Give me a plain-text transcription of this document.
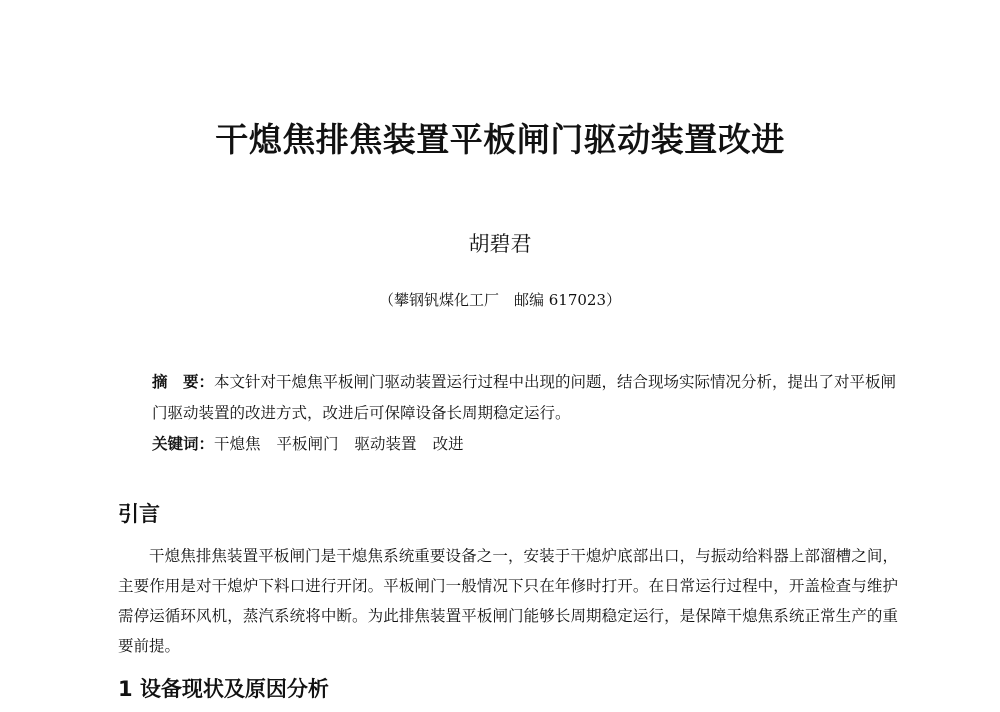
干熄焦排焦装置平板闸门驱动装置改进
胡碧君
（攀钢钒煤化工厂　邮编 617023）

摘　要：本文针对干熄焦平板闸门驱动装置运行过程中出现的问题，结合现场实际情况分析，提出了对平板闸门驱动装置的改进方式，改进后可保障设备长周期稳定运行。

关键词：干熄焦 平板闸门 驱动装置 改进

引言

干熄焦排焦装置平板闸门是干熄焦系统重要设备之一，安装于干熄炉底部出口，与振动给料器上部溜槽之间，主要作用是对干熄炉下料口进行开闭。平板闸门一般情况下只在年修时打开。在日常运行过程中，开盖检查与维护需停运循环风机，蒸汽系统将中断。为此排焦装置平板闸门能够长周期稳定运行，是保障干熄焦系统正常生产的重要前提。

1 设备现状及原因分析
